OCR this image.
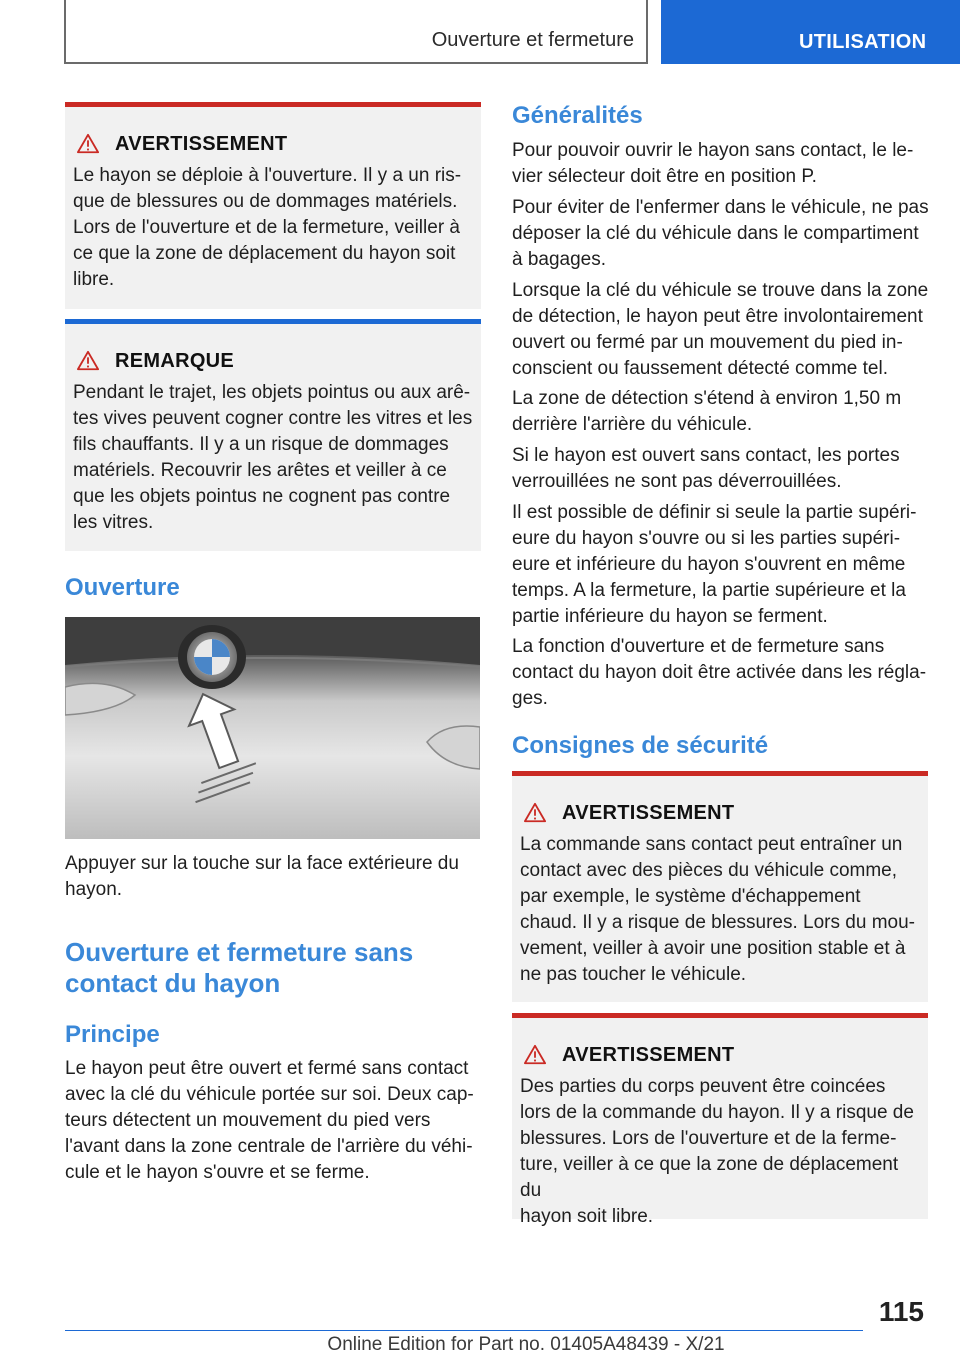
Ouverture et fermeture	UTILISATION
AVERTISSEMENT
Le hayon se déploie à l'ouverture. Il y a un ris-
que de blessures ou de dommages matériels.
Lors de l'ouverture et de la fermeture, veiller à
ce que la zone de déplacement du hayon soit
libre.
REMARQUE
Pendant le trajet, les objets pointus ou aux arê-
tes vives peuvent cogner contre les vitres et les
fils chauffants. Il y a un risque de dommages
matériels. Recouvrir les arêtes et veiller à ce
que les objets pointus ne cognent pas contre
les vitres.
Ouverture
Appuyer sur la touche sur la face extérieure du
hayon.
Ouverture et fermeture sans
contact du hayon
Principe
Le hayon peut être ouvert et fermé sans contact
avec la clé du véhicule portée sur soi. Deux cap-
teurs détectent un mouvement du pied vers
l'avant dans la zone centrale de l'arrière du véhi-
cule et le hayon s'ouvre et se ferme.
Généralités
Pour pouvoir ouvrir le hayon sans contact, le le-
vier sélecteur doit être en position P.
Pour éviter de l'enfermer dans le véhicule, ne pas
déposer la clé du véhicule dans le compartiment
à bagages.
Lorsque la clé du véhicule se trouve dans la zone
de détection, le hayon peut être involontairement
ouvert ou fermé par un mouvement du pied in-
conscient ou faussement détecté comme tel.
La zone de détection s'étend à environ 1,50 m
derrière l'arrière du véhicule.
Si le hayon est ouvert sans contact, les portes
verrouillées ne sont pas déverrouillées.
Il est possible de définir si seule la partie supéri-
eure du hayon s'ouvre ou si les parties supéri-
eure et inférieure du hayon s'ouvrent en même
temps. A la fermeture, la partie supérieure et la
partie inférieure du hayon se ferment.
La fonction d'ouverture et de fermeture sans
contact du hayon doit être activée dans les régla-
ges.
Consignes de sécurité
AVERTISSEMENT
La commande sans contact peut entraîner un
contact avec des pièces du véhicule comme,
par exemple, le système d'échappement
chaud. Il y a risque de blessures. Lors du mou-
vement, veiller à avoir une position stable et à
ne pas toucher le véhicule.
AVERTISSEMENT
Des parties du corps peuvent être coincées
lors de la commande du hayon. Il y a risque de
blessures. Lors de l'ouverture et de la ferme-
ture, veiller à ce que la zone de déplacement du
hayon soit libre.
115
Online Edition for Part no. 01405A48439 - X/21
